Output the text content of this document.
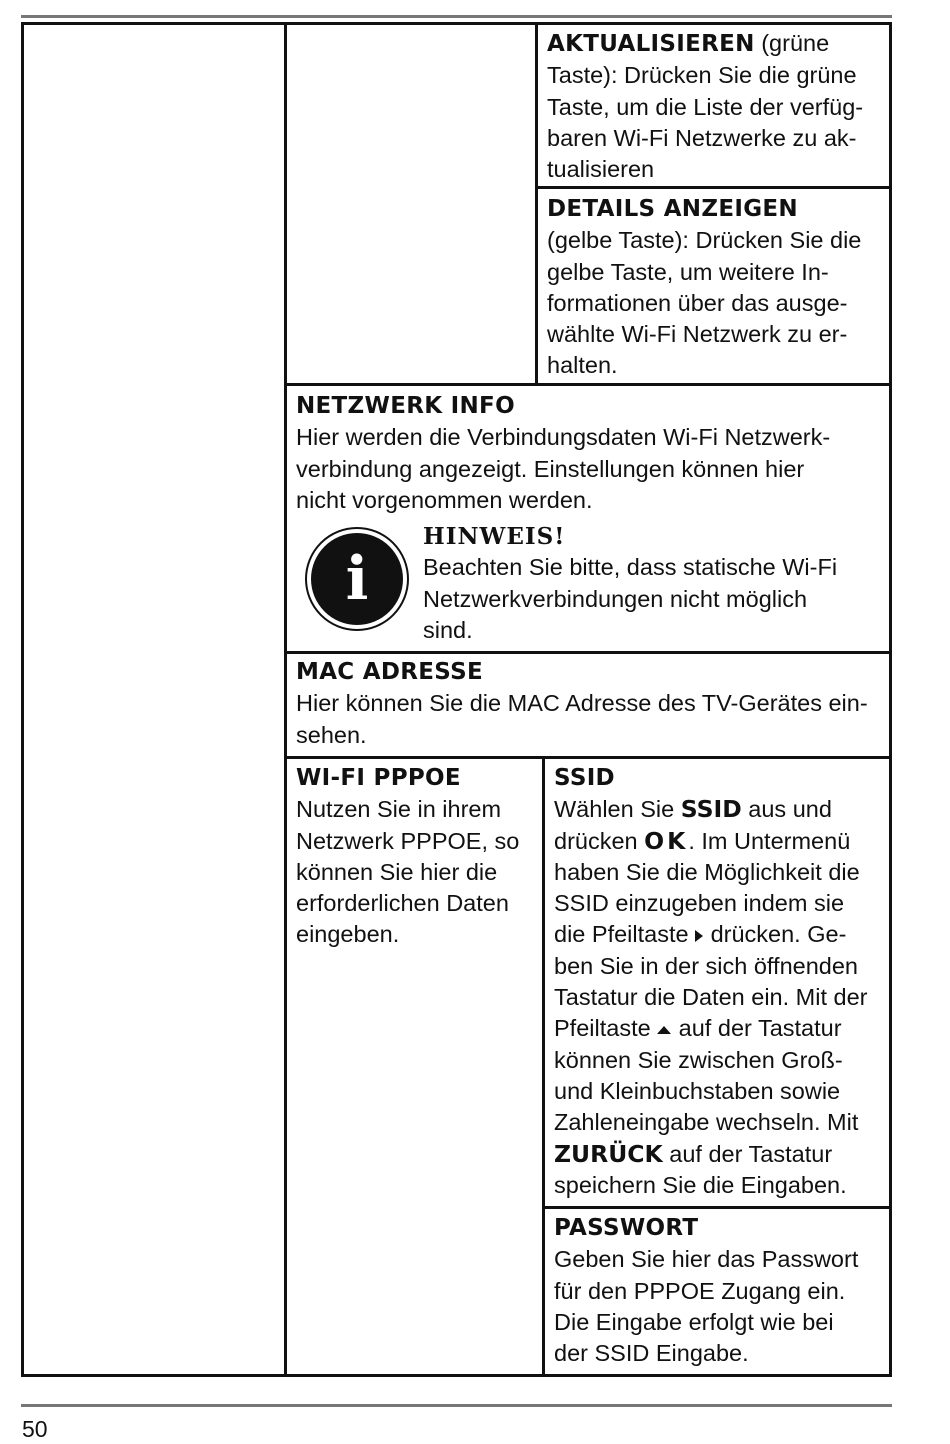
AKTUALISIEREN (grüne
Taste): Drücken Sie die grüne
Taste, um die Liste der verfüg-
baren Wi-Fi Netzwerke zu ak-
tualisieren
DETAILS ANZEIGEN
(gelbe Taste): Drücken Sie die
gelbe Taste, um weitere In-
formationen über das ausge-
wählte Wi-Fi Netzwerk zu er-
halten.
NETZWERK INFO
Hier werden die Verbindungsdaten Wi-Fi Netzwerk-
verbindung angezeigt. Einstellungen können hier
nicht vorgenommen werden.
i
HINWEIS!
Beachten Sie bitte, dass statische Wi-Fi
Netzwerkverbindungen nicht möglich
sind.
MAC ADRESSE
Hier können Sie die MAC Adresse des TV-Gerätes ein-
sehen.
WI-FI PPPOE
Nutzen Sie in ihrem
Netzwerk PPPOE, so
können Sie hier die
erforderlichen Daten
eingeben.
SSID
Wählen Sie SSID aus und
drücken OK. Im Untermenü
haben Sie die Möglichkeit die
SSID einzugeben indem sie
die Pfeiltaste drücken. Ge-
ben Sie in der sich öffnenden
Tastatur die Daten ein. Mit der
Pfeiltaste auf der Tastatur
können Sie zwischen Groß-
und Kleinbuchstaben sowie
Zahleneingabe wechseln. Mit
ZURÜCK auf der Tastatur
speichern Sie die Eingaben.
PASSWORT
Geben Sie hier das Passwort
für den PPPOE Zugang ein.
Die Eingabe erfolgt wie bei
der SSID Eingabe.
50
